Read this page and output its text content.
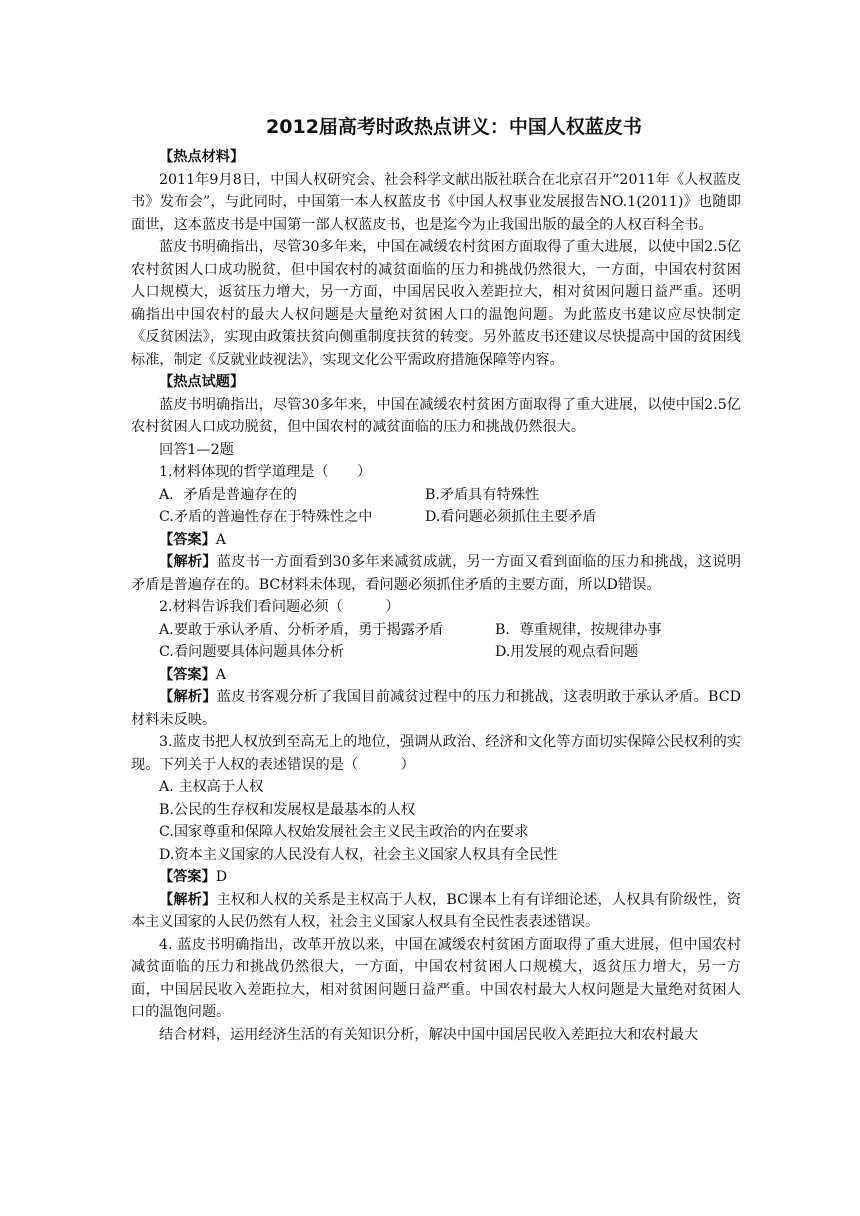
2012届高考时政热点讲义：中国人权蓝皮书

【热点材料】

2011年9月8日，中国人权研究会、社会科学文献出版社联合在北京召开“2011年《人权蓝皮书》发布会”，与此同时，中国第一本人权蓝皮书《中国人权事业发展报告NO.1(2011)》也随即面世，这本蓝皮书是中国第一部人权蓝皮书，也是迄今为止我国出版的最全的人权百科全书。

蓝皮书明确指出，尽管30多年来，中国在减缓农村贫困方面取得了重大进展，以使中国2.5亿农村贫困人口成功脱贫，但中国农村的减贫面临的压力和挑战仍然很大，一方面，中国农村贫困人口规模大，返贫压力增大，另一方面，中国居民收入差距拉大，相对贫困问题日益严重。还明确指出中国农村的最大人权问题是大量绝对贫困人口的温饱问题。为此蓝皮书建议应尽快制定《反贫困法》，实现由政策扶贫向侧重制度扶贫的转变。另外蓝皮书还建议尽快提高中国的贫困线标准，制定《反就业歧视法》，实现文化公平需政府措施保障等内容。

【热点试题】

蓝皮书明确指出，尽管30多年来，中国在减缓农村贫困方面取得了重大进展，以使中国2.5亿农村贫困人口成功脱贫，但中国农村的减贫面临的压力和挑战仍然很大。

回答1—2题

1.材料体现的哲学道理是（　　）

A．矛盾是普遍存在的	B.矛盾具有特殊性
C.矛盾的普遍性存在于特殊性之中	D.看问题必须抓住主要矛盾

【答案】A

【解析】蓝皮书一方面看到30多年来减贫成就，另一方面又看到面临的压力和挑战，这说明矛盾是普遍存在的。BC材料未体现，看问题必须抓住矛盾的主要方面，所以D错误。

2.材料告诉我们看问题必须（　　　）

A.要敢于承认矛盾、分析矛盾，勇于揭露矛盾	B．尊重规律，按规律办事
C.看问题要具体问题具体分析	D.用发展的观点看问题

【答案】A

【解析】蓝皮书客观分析了我国目前减贫过程中的压力和挑战，这表明敢于承认矛盾。BCD材料未反映。

3.蓝皮书把人权放到至高无上的地位，强调从政治、经济和文化等方面切实保障公民权利的实现。下列关于人权的表述错误的是（　　　）

A. 主权高于人权

B.公民的生存权和发展权是最基本的人权

C.国家尊重和保障人权始发展社会主义民主政治的内在要求

D.资本主义国家的人民没有人权，社会主义国家人权具有全民性

【答案】D

【解析】主权和人权的关系是主权高于人权，BC课本上有有详细论述，人权具有阶级性，资本主义国家的人民仍然有人权，社会主义国家人权具有全民性表表述错误。

4. 蓝皮书明确指出，改革开放以来，中国在减缓农村贫困方面取得了重大进展，但中国农村减贫面临的压力和挑战仍然很大，一方面，中国农村贫困人口规模大，返贫压力增大，另一方面，中国居民收入差距拉大，相对贫困问题日益严重。中国农村最大人权问题是大量绝对贫困人口的温饱问题。

结合材料，运用经济生活的有关知识分析，解决中国中国居民收入差距拉大和农村最大
